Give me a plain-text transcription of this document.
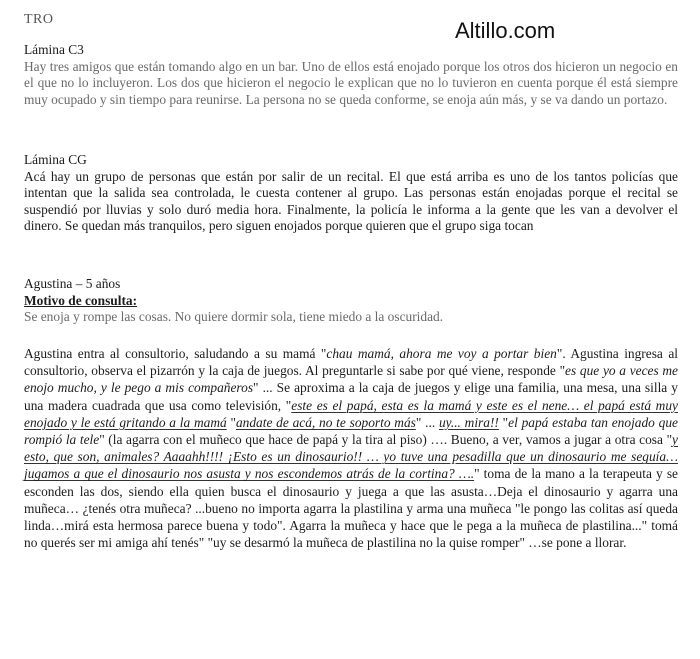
TRO	Altillo.com

Lámina C3

Hay tres amigos que están tomando algo en un bar. Uno de ellos está enojado porque los otros dos hicieron un negocio en el que no lo incluyeron. Los dos que hicieron el negocio le explican que no lo tuvieron en cuenta porque él está siempre muy ocupado y sin tiempo para reunirse. La persona no se queda conforme, se enoja aún más, y se va dando un portazo.

Lámina CG

Acá hay un grupo de personas que están por salir de un recital. El que está arriba es uno de los tantos policías que intentan que la salida sea controlada, le cuesta contener al grupo. Las personas están enojadas porque el recital se suspendió por lluvias y solo duró media hora. Finalmente, la policía le informa a la gente que les van a devolver el dinero. Se quedan más tranquilos, pero siguen enojados porque quieren que el grupo siga tocan

Agustina – 5 años

Motivo de consulta:

Se enoja y rompe las cosas. No quiere dormir sola, tiene miedo a la oscuridad.

Agustina entra al consultorio, saludando a su mamá "chau mamá, ahora me voy a portar bien". Agustina ingresa al consultorio, observa el pizarrón y la caja de juegos. Al preguntarle si sabe por qué viene, responde "es que yo a veces me enojo mucho, y le pego a mis compañeros" ... Se aproxima a la caja de juegos y elige una familia, una mesa, una silla y una madera cuadrada que usa como televisión, "este es el papá, esta es la mamá y este es el nene… el papá está muy enojado y le está gritando a la mamá "andate de acá, no te soporto más" ... uy... mira!! "el papá estaba tan enojado que rompió la tele" (la agarra con el muñeco que hace de papá y la tira al piso) …. Bueno, a ver, vamos a jugar a otra cosa "y esto, que son, animales? Aaaahh!!!! ¡Esto es un dinosaurio!! … yo tuve una pesadilla que un dinosaurio me seguía… jugamos a que el dinosaurio nos asusta y nos escondemos atrás de la cortina? …." toma de la mano a la terapeuta y se esconden las dos, siendo ella quien busca el dinosaurio y juega a que las asusta…Deja el dinosaurio y agarra una muñeca… ¿tenés otra muñeca? ...bueno no importa agarra la plastilina y arma una muñeca "le pongo las colitas así queda linda…mirá esta hermosa parece buena y todo". Agarra la muñeca y hace que le pega a la muñeca de plastilina..." tomá no querés ser mi amiga ahí tenés" "uy se desarmó la muñeca de plastilina no la quise romper" …se pone a llorar.
